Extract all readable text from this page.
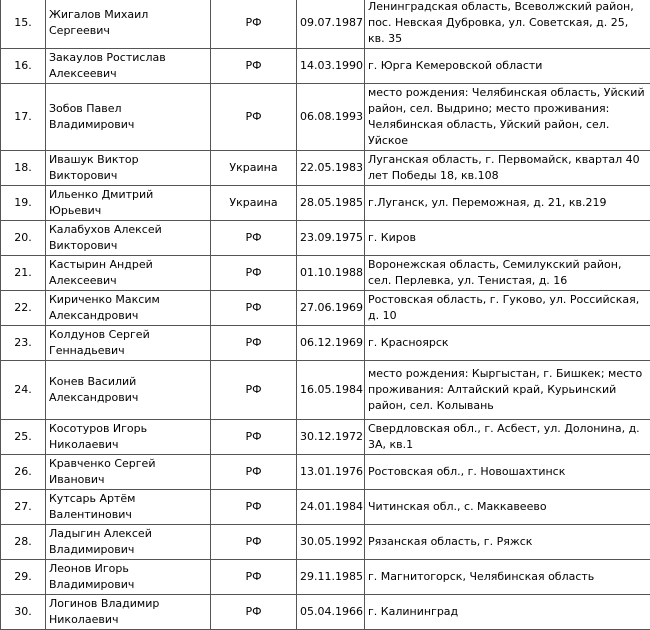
15.	Жигалов Михаил Сергеевич	РФ	09.07.1987	Ленинградская область, Всеволжский район, пос. Невская Дубровка, ул. Советская, д. 25, кв. 35
16.	Закаулов Ростислав Алексеевич	РФ	14.03.1990	г. Юрга Кемеровской области
17.	Зобов Павел Владимирович	РФ	06.08.1993	место рождения: Челябинская область, Уйский район, сел. Выдрино; место проживания: Челябинская область, Уйский район, сел. Уйское
18.	Ивашук Виктор Викторович	Украина	22.05.1983	Луганская область, г. Первомайск, квартал 40 лет Победы 18, кв.108
19.	Ильенко Дмитрий Юрьевич	Украина	28.05.1985	г.Луганск, ул. Переможная, д. 21, кв.219
20.	Калабухов Алексей Викторович	РФ	23.09.1975	г. Киров
21.	Кастырин Андрей Алексеевич	РФ	01.10.1988	Воронежская область, Семилукский район, сел. Перлевка, ул. Тенистая, д. 16
22.	Кириченко Максим Александрович	РФ	27.06.1969	Ростовская область, г. Гуково, ул. Российская, д. 10
23.	Колдунов Сергей Геннадьевич	РФ	06.12.1969	г. Красноярск
24.	Конев Василий Александрович	РФ	16.05.1984	место рождения: Кыргыстан, г. Бишкек; место проживания: Алтайский край, Курьинский район, сел. Колывань
25.	Косотуров Игорь Николаевич	РФ	30.12.1972	Свердловская обл., г. Асбест, ул. Долонина, д. 3А, кв.1
26.	Кравченко Сергей Иванович	РФ	13.01.1976	Ростовская обл., г. Новошахтинск
27.	Кутсарь Артём Валентинович	РФ	24.01.1984	Читинская обл., с. Маккавеево
28.	Ладыгин Алексей Владимирович	РФ	30.05.1992	Рязанская область, г. Ряжск
29.	Леонов Игорь Владимирович	РФ	29.11.1985	г. Магнитогорск, Челябинская область
30.	Логинов Владимир Николаевич	РФ	05.04.1966	г. Калининград
